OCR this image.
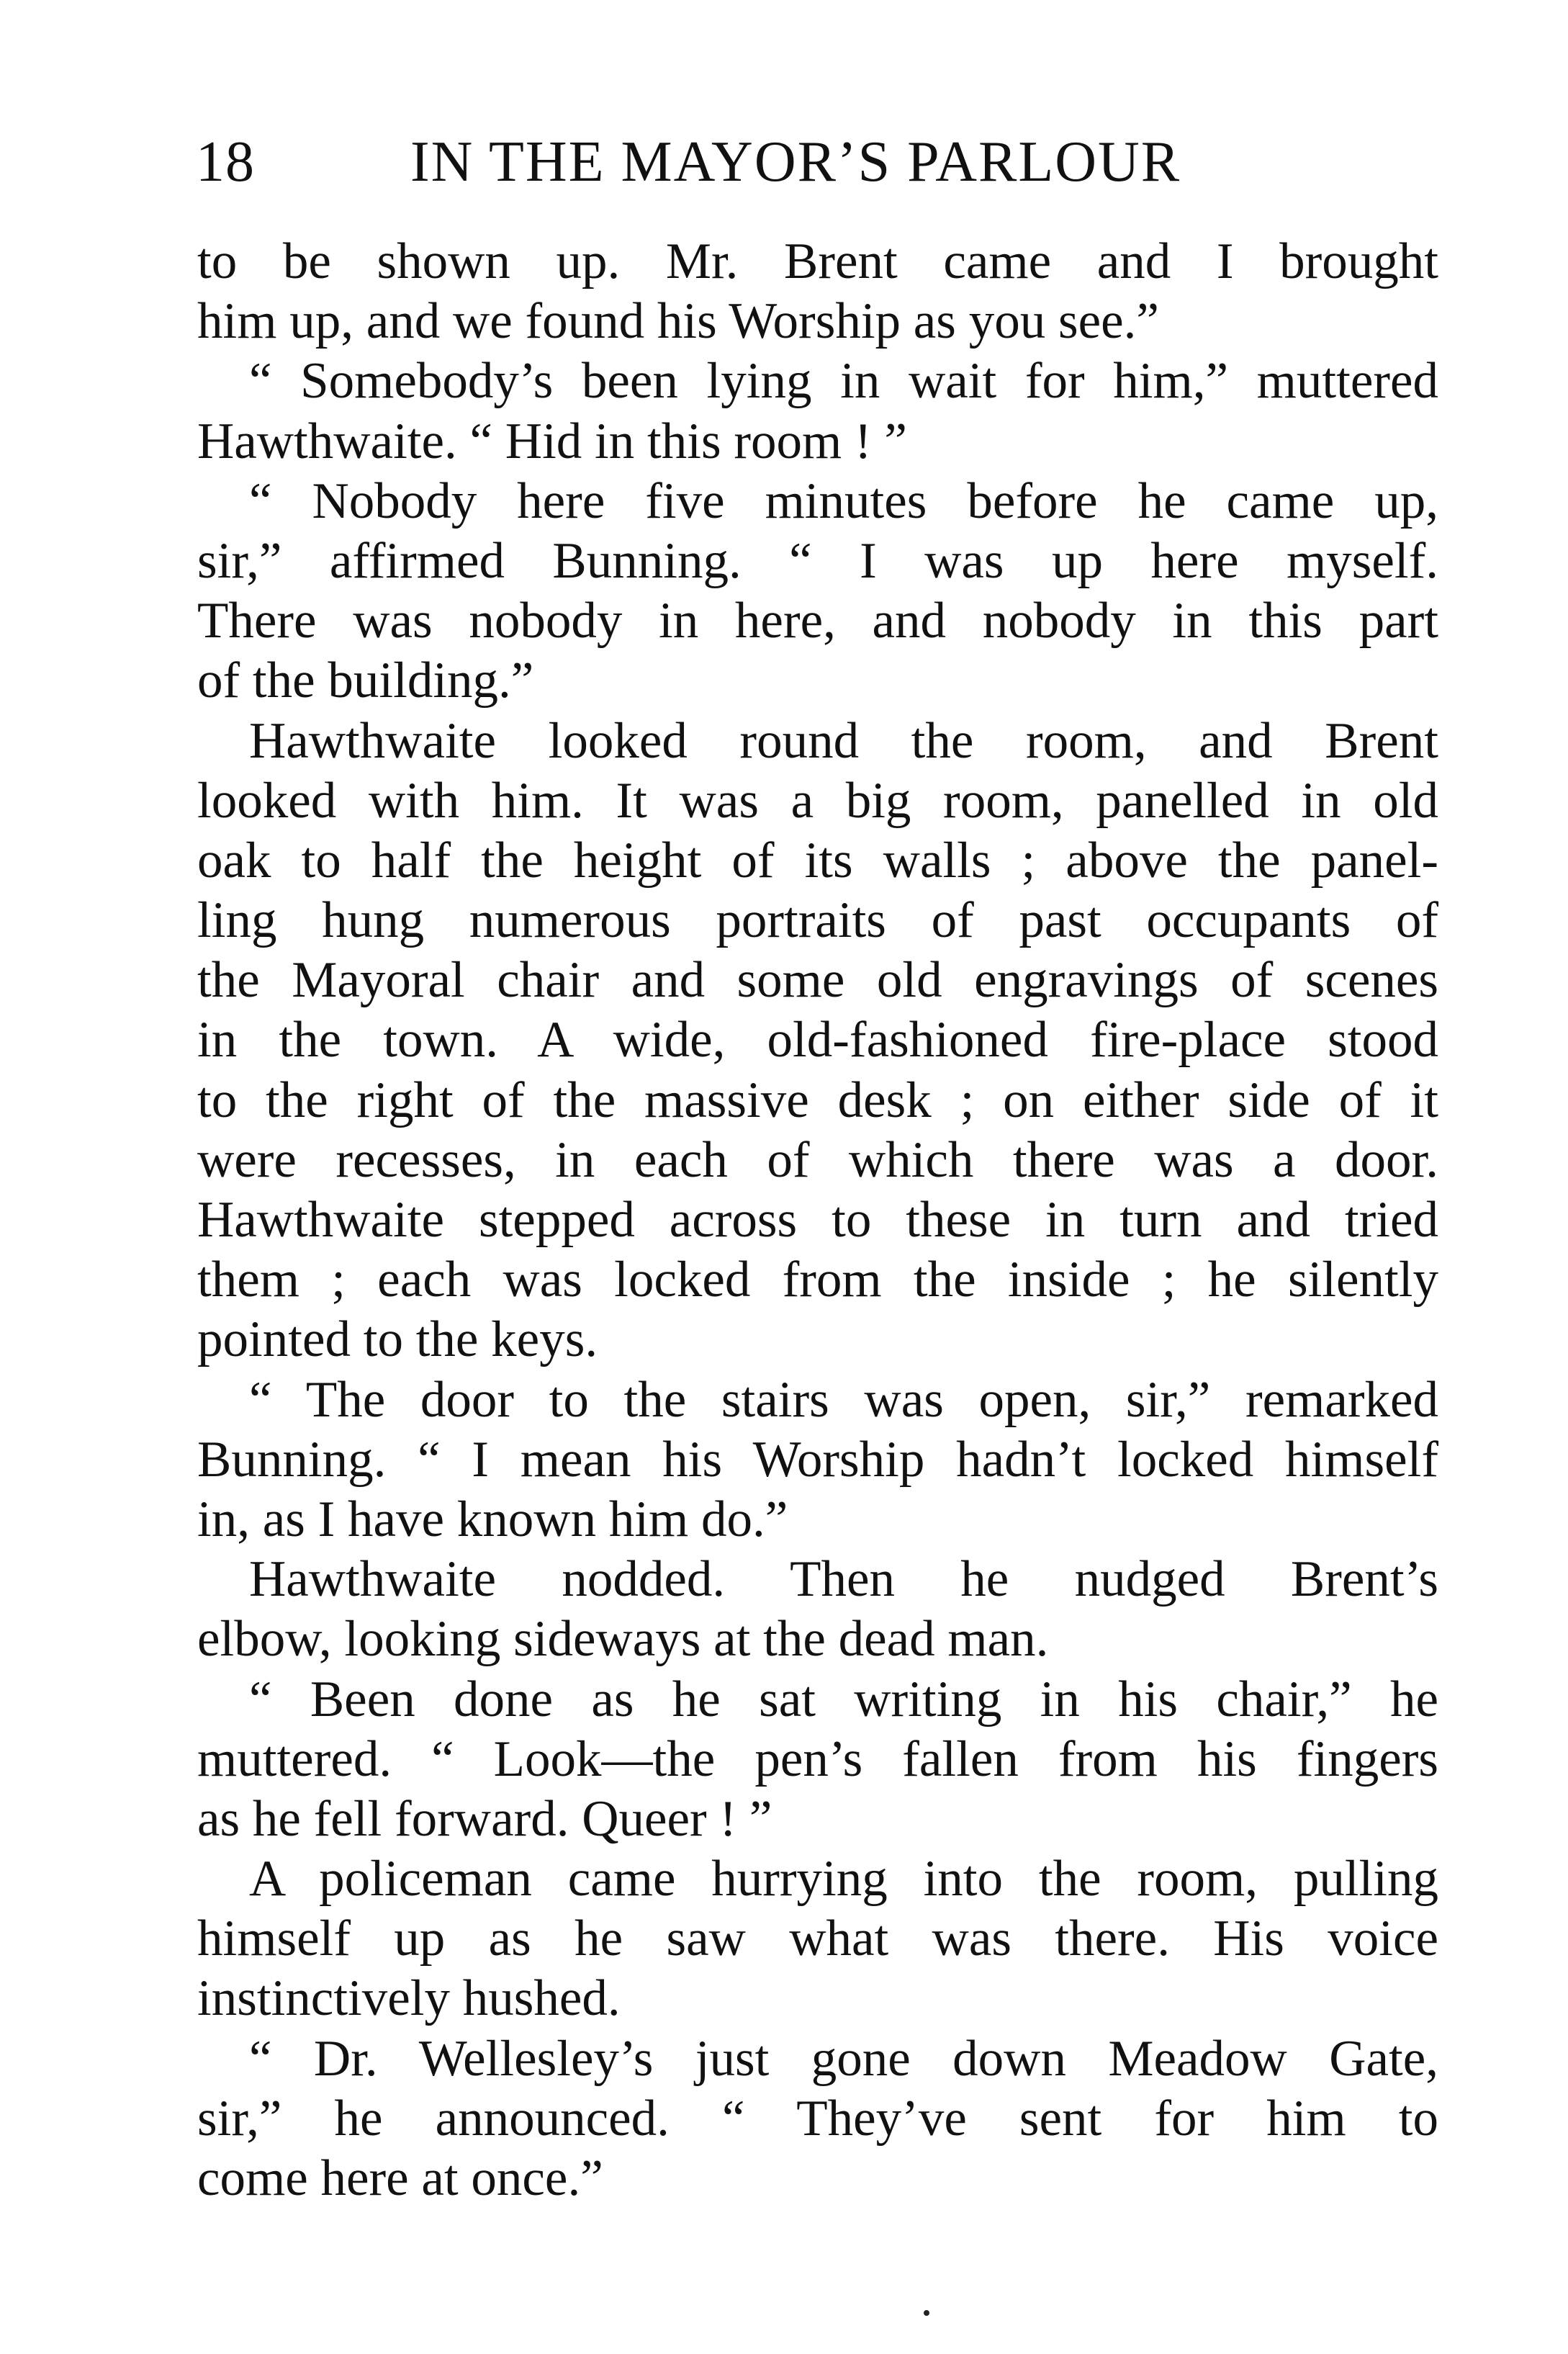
18	IN THE MAYOR’S PARLOUR
to be shown up. Mr. Brent came and I brought
him up, and we found his Worship as you see.”
“ Somebody’s been lying in wait for him,” muttered
Hawthwaite. “ Hid in this room ! ”
“ Nobody here five minutes before he came up,
sir,” affirmed Bunning. “ I was up here myself.
There was nobody in here, and nobody in this part
of the building.”
Hawthwaite looked round the room, and Brent
looked with him. It was a big room, panelled in old
oak to half the height of its walls ; above the panel-
ling hung numerous portraits of past occupants of
the Mayoral chair and some old engravings of scenes
in the town. A wide, old-fashioned fire-place stood
to the right of the massive desk ; on either side of it
were recesses, in each of which there was a door.
Hawthwaite stepped across to these in turn and tried
them ; each was locked from the inside ; he silently
pointed to the keys.
“ The door to the stairs was open, sir,” remarked
Bunning. “ I mean his Worship hadn’t locked himself
in, as I have known him do.”
Hawthwaite nodded. Then he nudged Brent’s
elbow, looking sideways at the dead man.
“ Been done as he sat writing in his chair,” he
muttered. “ Look—the pen’s fallen from his fingers
as he fell forward. Queer ! ”
A policeman came hurrying into the room, pulling
himself up as he saw what was there. His voice
instinctively hushed.
“ Dr. Wellesley’s just gone down Meadow Gate,
sir,” he announced. “ They’ve sent for him to
come here at once.”
